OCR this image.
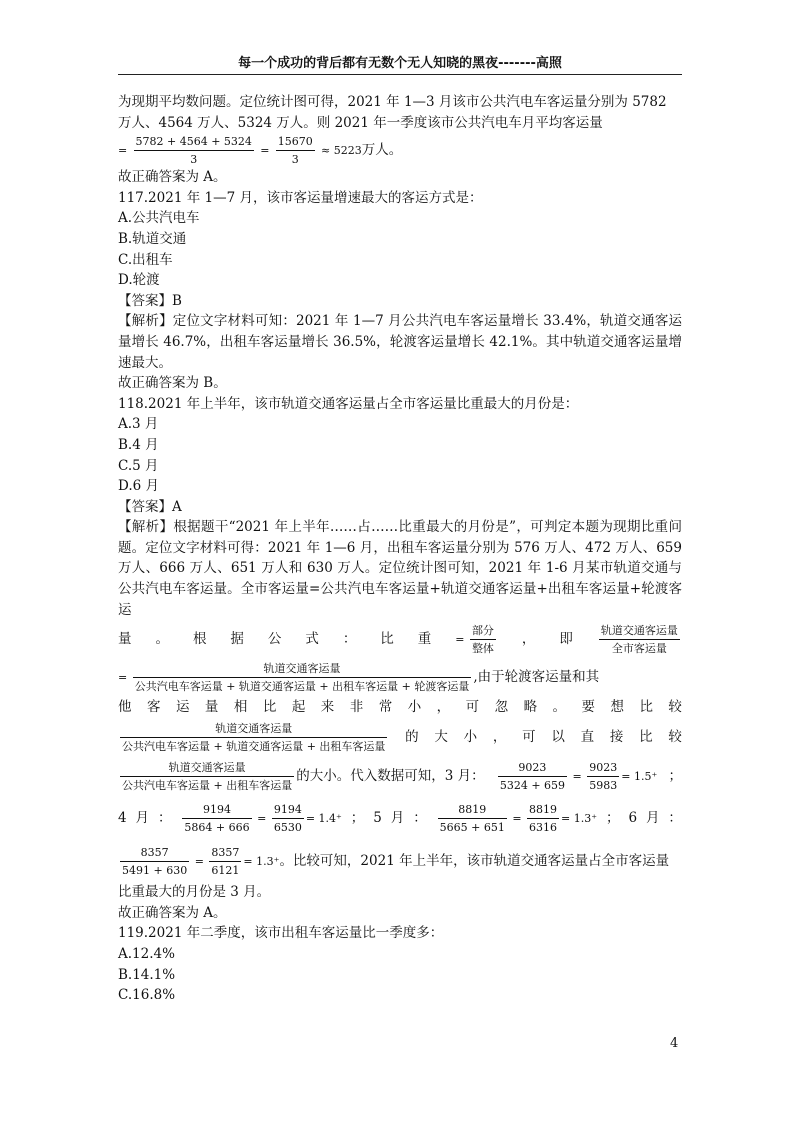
每一个成功的背后都有无数个无人知晓的黑夜-------高照

为现期平均数问题。定位统计图可得，2021 年 1—3 月该市公共汽电车客运量分别为 5782

万人、4564 万人、5324 万人。则 2021 年一季度该市公共汽电车月平均客运量

= $\frac{5782 + 4564 + 5324}{3} = \frac{15670}{3} \approx 5223$万人。

故正确答案为 A。

117.2021 年 1—7 月，该市客运量增速最大的客运方式是：

A.公共汽电车

B.轨道交通

C.出租车

D.轮渡

【答案】B

【解析】定位文字材料可知：2021 年 1—7 月公共汽电车客运量增长 33.4%，轨道交通客运量增长 46.7%，出租车客运量增长 36.5%，轮渡客运量增长 42.1%。其中轨道交通客运量增速最大。

故正确答案为 B。

118.2021 年上半年，该市轨道交通客运量占全市客运量比重最大的月份是：

A.3 月

B.4 月

C.5 月

D.6 月

【答案】A

【解析】根据题干“2021 年上半年……占……比重最大的月份是”，可判定本题为现期比重问题。定位文字材料可得：2021 年 1—6 月，出租车客运量分别为 576 万人、472 万人、659 万人、666 万人、651 万人和 630 万人。定位统计图可知，2021 年 1-6 月某市轨道交通与公共汽电车客运量。全市客运量=公共汽电车客运量+轨道交通客运量+出租车客运量+轮渡客运

量 。 根 据 公 式 ： 比 重 = $\frac{\text{部分}}{\text{整体}}$ ， 即 $\frac{\text{轨道交通客运量}}{\text{全市客运量}}$

= $\frac{\text{轨道交通客运量}}{\text{公共汽电车客运量 + 轨道交通客运量 + 出租车客运量 + 轮渡客运量}}$ ,由于轮渡客运量和其

他 客 运 量 相 比 起 来 非 常 小 ， 可 忽 略 。 要 想 比 较
$\frac{\text{轨道交通客运量}}{\text{公共汽电车客运量 + 轨道交通客运量 + 出租车客运量}}$ 的 大 小 ， 可 以 直 接 比 较
$\frac{\text{轨道交通客运量}}{\text{公共汽电车客运量 + 出租车客运量}}$ 的大小。代入数据可知，3 月： $\frac{9023}{5324 + 659} = \frac{9023}{5983} = 1.5^+$ ；
4 月 ： $\frac{9194}{5864 + 666} = \frac{9194}{6530} = 1.4^+$ ； 5 月 ： $\frac{8819}{5665 + 651} = \frac{8819}{6316} = 1.3^+$ ； 6 月 ：

$\frac{8357}{5491 + 630} = \frac{8357}{6121} = 1.3^+$。比较可知，2021 年上半年，该市轨道交通客运量占全市客运量

比重最大的月份是 3 月。

故正确答案为 A。

119.2021 年二季度，该市出租车客运量比一季度多：

A.12.4%

B.14.1%

C.16.8%

4
